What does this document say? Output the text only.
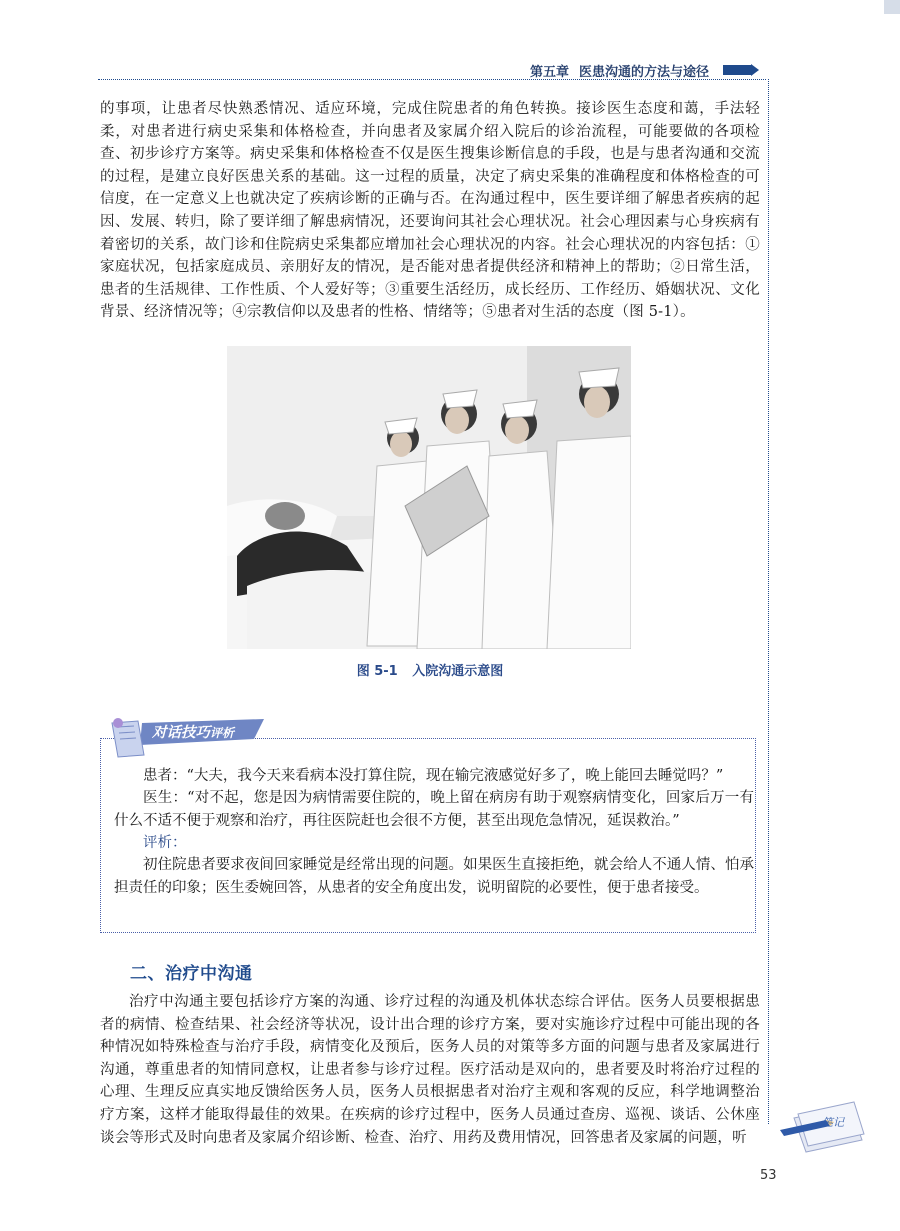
第五章 医患沟通的方法与途径

的事项，让患者尽快熟悉情况、适应环境，完成住院患者的角色转换。接诊医生态度和蔼，手法轻柔，对患者进行病史采集和体格检查，并向患者及家属介绍入院后的诊治流程，可能要做的各项检查、初步诊疗方案等。病史采集和体格检查不仅是医生搜集诊断信息的手段，也是与患者沟通和交流的过程，是建立良好医患关系的基础。这一过程的质量，决定了病史采集的准确程度和体格检查的可信度，在一定意义上也就决定了疾病诊断的正确与否。在沟通过程中，医生要详细了解患者疾病的起因、发展、转归，除了要详细了解患病情况，还要询问其社会心理状况。社会心理因素与心身疾病有着密切的关系，故门诊和住院病史采集都应增加社会心理状况的内容。社会心理状况的内容包括：①家庭状况，包括家庭成员、亲朋好友的情况，是否能对患者提供经济和精神上的帮助；②日常生活，患者的生活规律、工作性质、个人爱好等；③重要生活经历，成长经历、工作经历、婚姻状况、文化背景、经济情况等；④宗教信仰以及患者的性格、情绪等；⑤患者对生活的态度（图 5-1）。

图 5-1 入院沟通示意图
对话技巧评析

患者：“大夫，我今天来看病本没打算住院，现在输完液感觉好多了，晚上能回去睡觉吗？”

医生：“对不起，您是因为病情需要住院的，晚上留在病房有助于观察病情变化，回家后万一有什么不适不便于观察和治疗，再往医院赶也会很不方便，甚至出现危急情况，延误救治。”

评析：

初住院患者要求夜间回家睡觉是经常出现的问题。如果医生直接拒绝，就会给人不通人情、怕承担责任的印象；医生委婉回答，从患者的安全角度出发，说明留院的必要性，便于患者接受。

二、治疗中沟通

治疗中沟通主要包括诊疗方案的沟通、诊疗过程的沟通及机体状态综合评估。医务人员要根据患者的病情、检查结果、社会经济等状况，设计出合理的诊疗方案，要对实施诊疗过程中可能出现的各种情况如特殊检查与治疗手段，病情变化及预后，医务人员的对策等多方面的问题与患者及家属进行沟通，尊重患者的知情同意权，让患者参与诊疗过程。医疗活动是双向的，患者要及时将治疗过程的心理、生理反应真实地反馈给医务人员，医务人员根据患者对治疗主观和客观的反应，科学地调整治疗方案，这样才能取得最佳的效果。在疾病的诊疗过程中，医务人员通过查房、巡视、谈话、公休座谈会等形式及时向患者及家属介绍诊断、检查、治疗、用药及费用情况，回答患者及家属的问题，听

笔记
53
